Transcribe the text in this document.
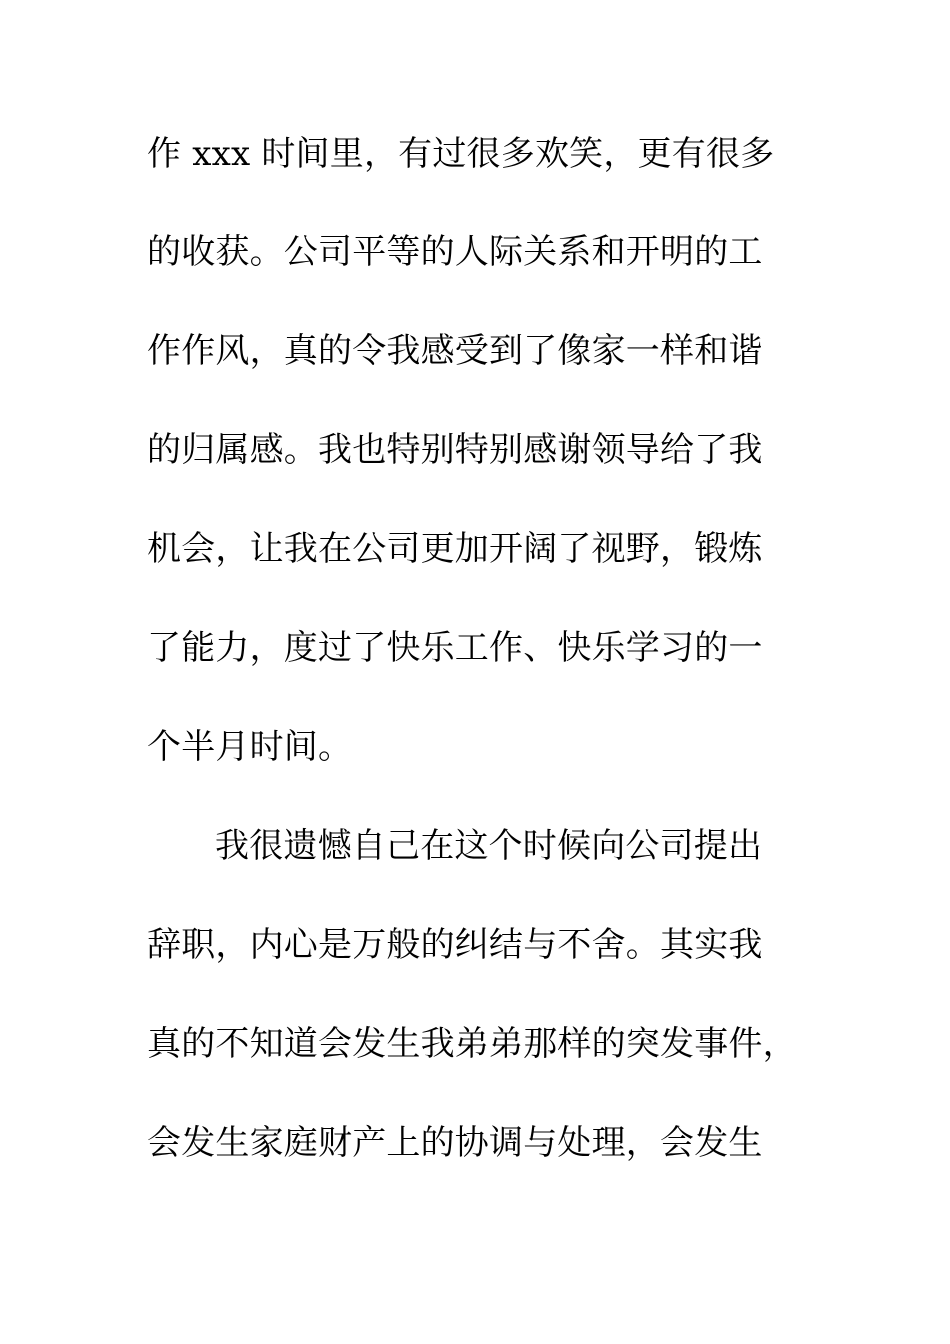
作 xxx 时间里，有过很多欢笑，更有很多
的收获。公司平等的人际关系和开明的工
作作风，真的令我感受到了像家一样和谐
的归属感。我也特别特别感谢领导给了我
机会，让我在公司更加开阔了视野，锻炼
了能力，度过了快乐工作、快乐学习的一
个半月时间。
我很遗憾自己在这个时候向公司提出
辞职，内心是万般的纠结与不舍。其实我
真的不知道会发生我弟弟那样的突发事件，
会发生家庭财产上的协调与处理，会发生
